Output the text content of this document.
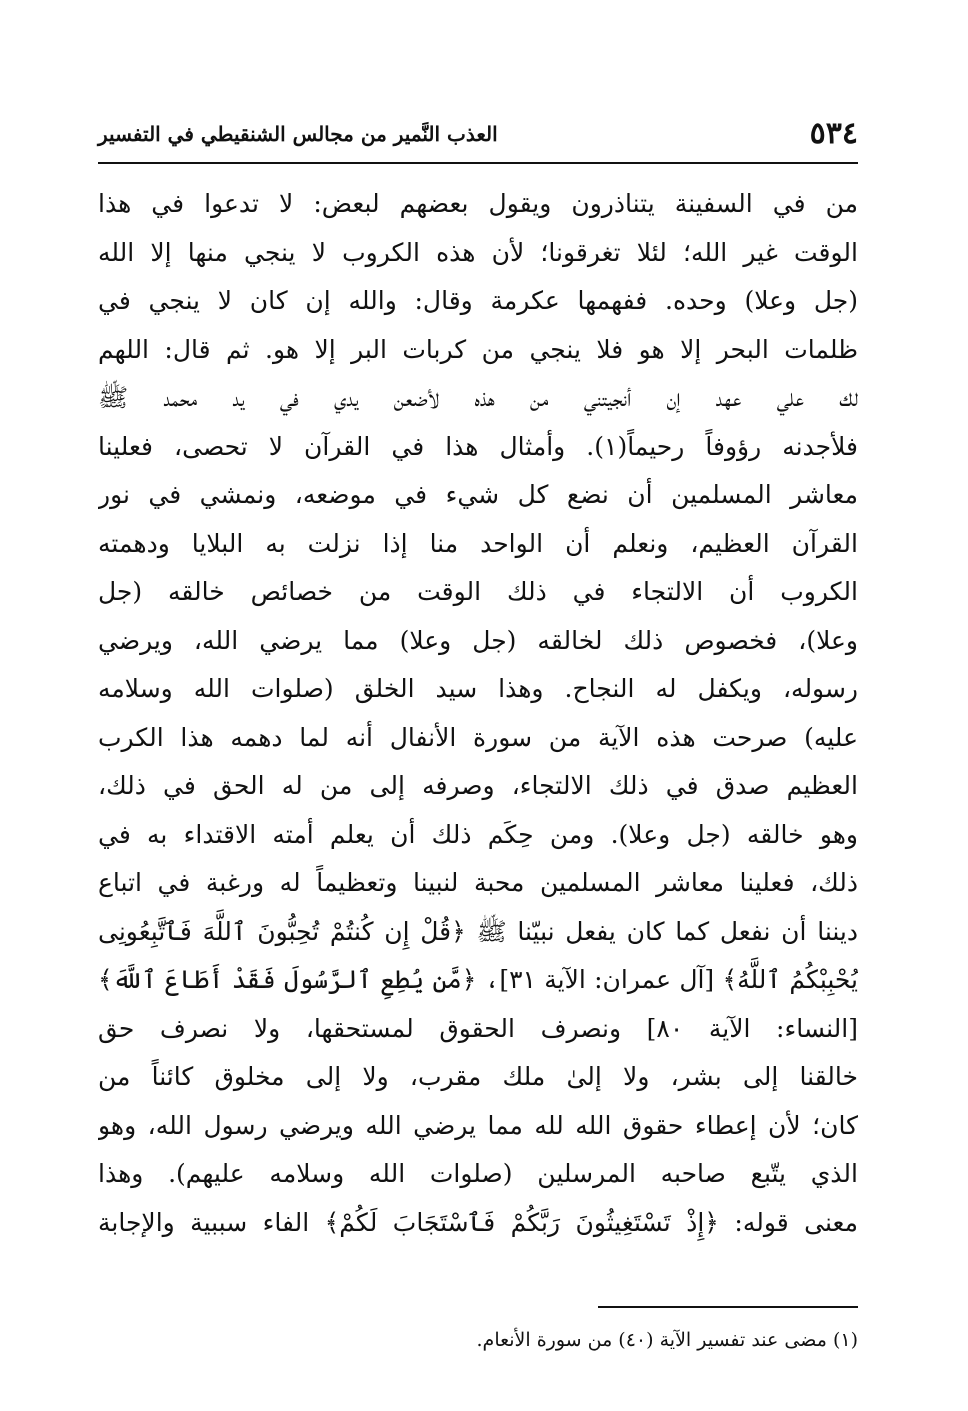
٥٣٤
العذب النَّمير من مجالس الشنقيطي في التفسير
من في السفينة يتناذرون ويقول بعضهم لبعض: لا تدعوا في هذا
الوقت غير الله؛ لئلا تغرقونا؛ لأن هذه الكروب لا ينجي منها إلا الله
(جل وعلا) وحده. ففهمها عكرمة وقال: والله إن كان لا ينجي في
ظلمات البحر إلا هو فلا ينجي من كربات البر إلا هو. ثم قال: اللهم
لك علي عهد إن أنجيتني من هذه لأضعن يدي في يد محمد ﷺ
فلأجدنه رؤوفاً رحيماً(١). وأمثال هذا في القرآن لا تحصى، فعلينا
معاشر المسلمين أن نضع كل شيء في موضعه، ونمشي في نور
القرآن العظيم، ونعلم أن الواحد منا إذا نزلت به البلايا ودهمته
الكروب أن الالتجاء في ذلك الوقت من خصائص خالقه (جل
وعلا)، فخصوص ذلك لخالقه (جل وعلا) مما يرضي الله، ويرضي
رسوله، ويكفل له النجاح. وهذا سيد الخلق (صلوات الله وسلامه
عليه) صرحت هذه الآية من سورة الأنفال أنه لما دهمه هذا الكرب
العظيم صدق في ذلك الالتجاء، وصرفه إلى من له الحق في ذلك،
وهو خالقه (جل وعلا). ومن حِكَم ذلك أن يعلم أمته الاقتداء به في
ذلك، فعلينا معاشر المسلمين محبة لنبينا وتعظيماً له ورغبة في اتباع
ديننا أن نفعل كما كان يفعل نبيّنا ﷺ ﴿قُلْ إِن كُنتُمْ تُحِبُّونَ ٱللَّهَ فَٱتَّبِعُونِى
يُحْبِبْكُمُ ٱللَّهُ﴾ [آل عمران: الآية ٣١]، ﴿مَّن يُطِعِ ٱلرَّسُولَ فَقَدْ أَطَاعَ ٱللَّهَ﴾
[النساء: الآية ٨٠] ونصرف الحقوق لمستحقها، ولا نصرف حق
خالقنا إلى بشر، ولا إلىٰ ملك مقرب، ولا إلى مخلوق كائناً من
كان؛ لأن إعطاء حقوق الله لله مما يرضي الله ويرضي رسول الله، وهو
الذي يتّبع صاحبه المرسلين (صلوات الله وسلامه عليهم). وهذا
معنى قوله: ﴿إِذْ تَسْتَغِيثُونَ رَبَّكُمْ فَٱسْتَجَابَ لَكُمْ﴾ الفاء سببية والإجابة
(١) مضى عند تفسير الآية (٤٠) من سورة الأنعام.
